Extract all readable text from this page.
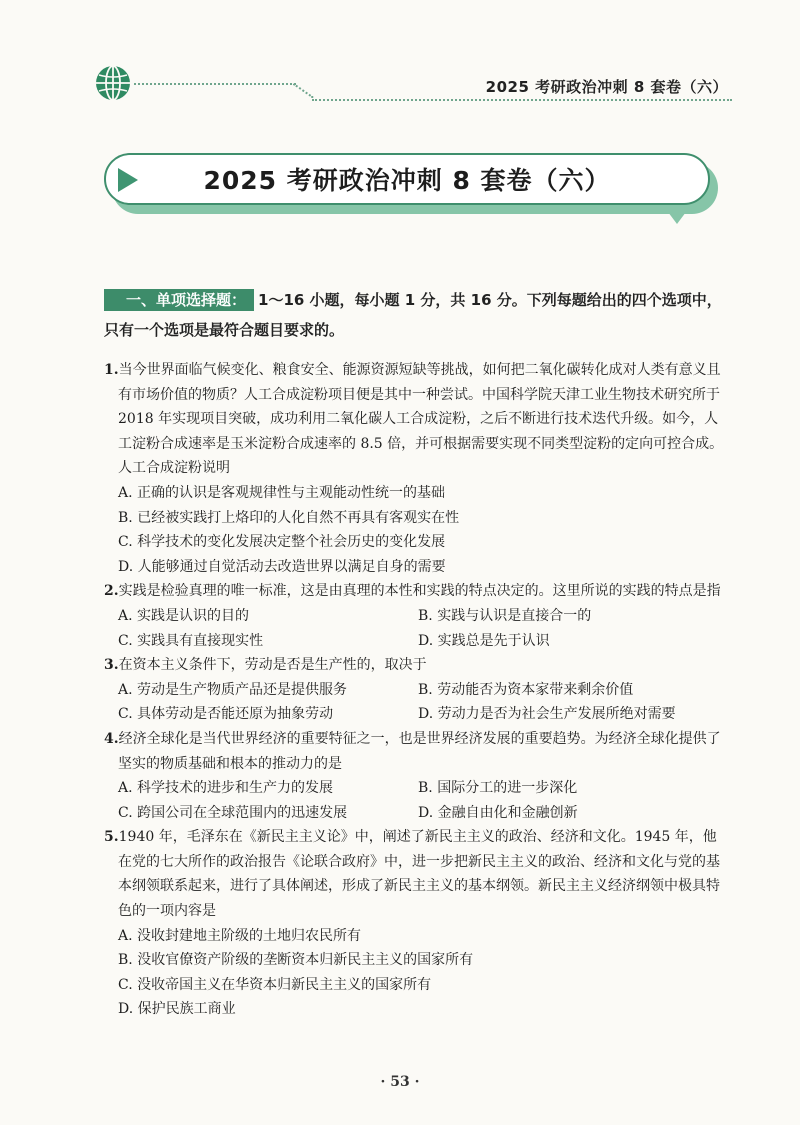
2025 考研政治冲刺 8 套卷（六）
2025 考研政治冲刺 8 套卷（六）
一、单项选择题： 1～16 小题，每小题 1 分，共 16 分。下列每题给出的四个选项中，只有一个选项是最符合题目要求的。
1.当今世界面临气候变化、粮食安全、能源资源短缺等挑战，如何把二氧化碳转化成对人类有意义且有市场价值的物质？人工合成淀粉项目便是其中一种尝试。中国科学院天津工业生物技术研究所于 2018 年实现项目突破，成功利用二氧化碳人工合成淀粉，之后不断进行技术迭代升级。如今，人工淀粉合成速率是玉米淀粉合成速率的 8.5 倍，并可根据需要实现不同类型淀粉的定向可控合成。人工合成淀粉说明
A. 正确的认识是客观规律性与主观能动性统一的基础
B. 已经被实践打上烙印的人化自然不再具有客观实在性
C. 科学技术的变化发展决定整个社会历史的变化发展
D. 人能够通过自觉活动去改造世界以满足自身的需要
2.实践是检验真理的唯一标准，这是由真理的本性和实践的特点决定的。这里所说的实践的特点是指
A. 实践是认识的目的	B. 实践与认识是直接合一的
C. 实践具有直接现实性	D. 实践总是先于认识
3.在资本主义条件下，劳动是否是生产性的，取决于
A. 劳动是生产物质产品还是提供服务	B. 劳动能否为资本家带来剩余价值
C. 具体劳动是否能还原为抽象劳动	D. 劳动力是否为社会生产发展所绝对需要
4.经济全球化是当代世界经济的重要特征之一，也是世界经济发展的重要趋势。为经济全球化提供了坚实的物质基础和根本的推动力的是
A. 科学技术的进步和生产力的发展	B. 国际分工的进一步深化
C. 跨国公司在全球范围内的迅速发展	D. 金融自由化和金融创新
5.1940 年，毛泽东在《新民主主义论》中，阐述了新民主主义的政治、经济和文化。1945 年，他在党的七大所作的政治报告《论联合政府》中，进一步把新民主主义的政治、经济和文化与党的基本纲领联系起来，进行了具体阐述，形成了新民主主义的基本纲领。新民主主义经济纲领中极具特色的一项内容是
A. 没收封建地主阶级的土地归农民所有
B. 没收官僚资产阶级的垄断资本归新民主主义的国家所有
C. 没收帝国主义在华资本归新民主主义的国家所有
D. 保护民族工商业
· 53 ·
